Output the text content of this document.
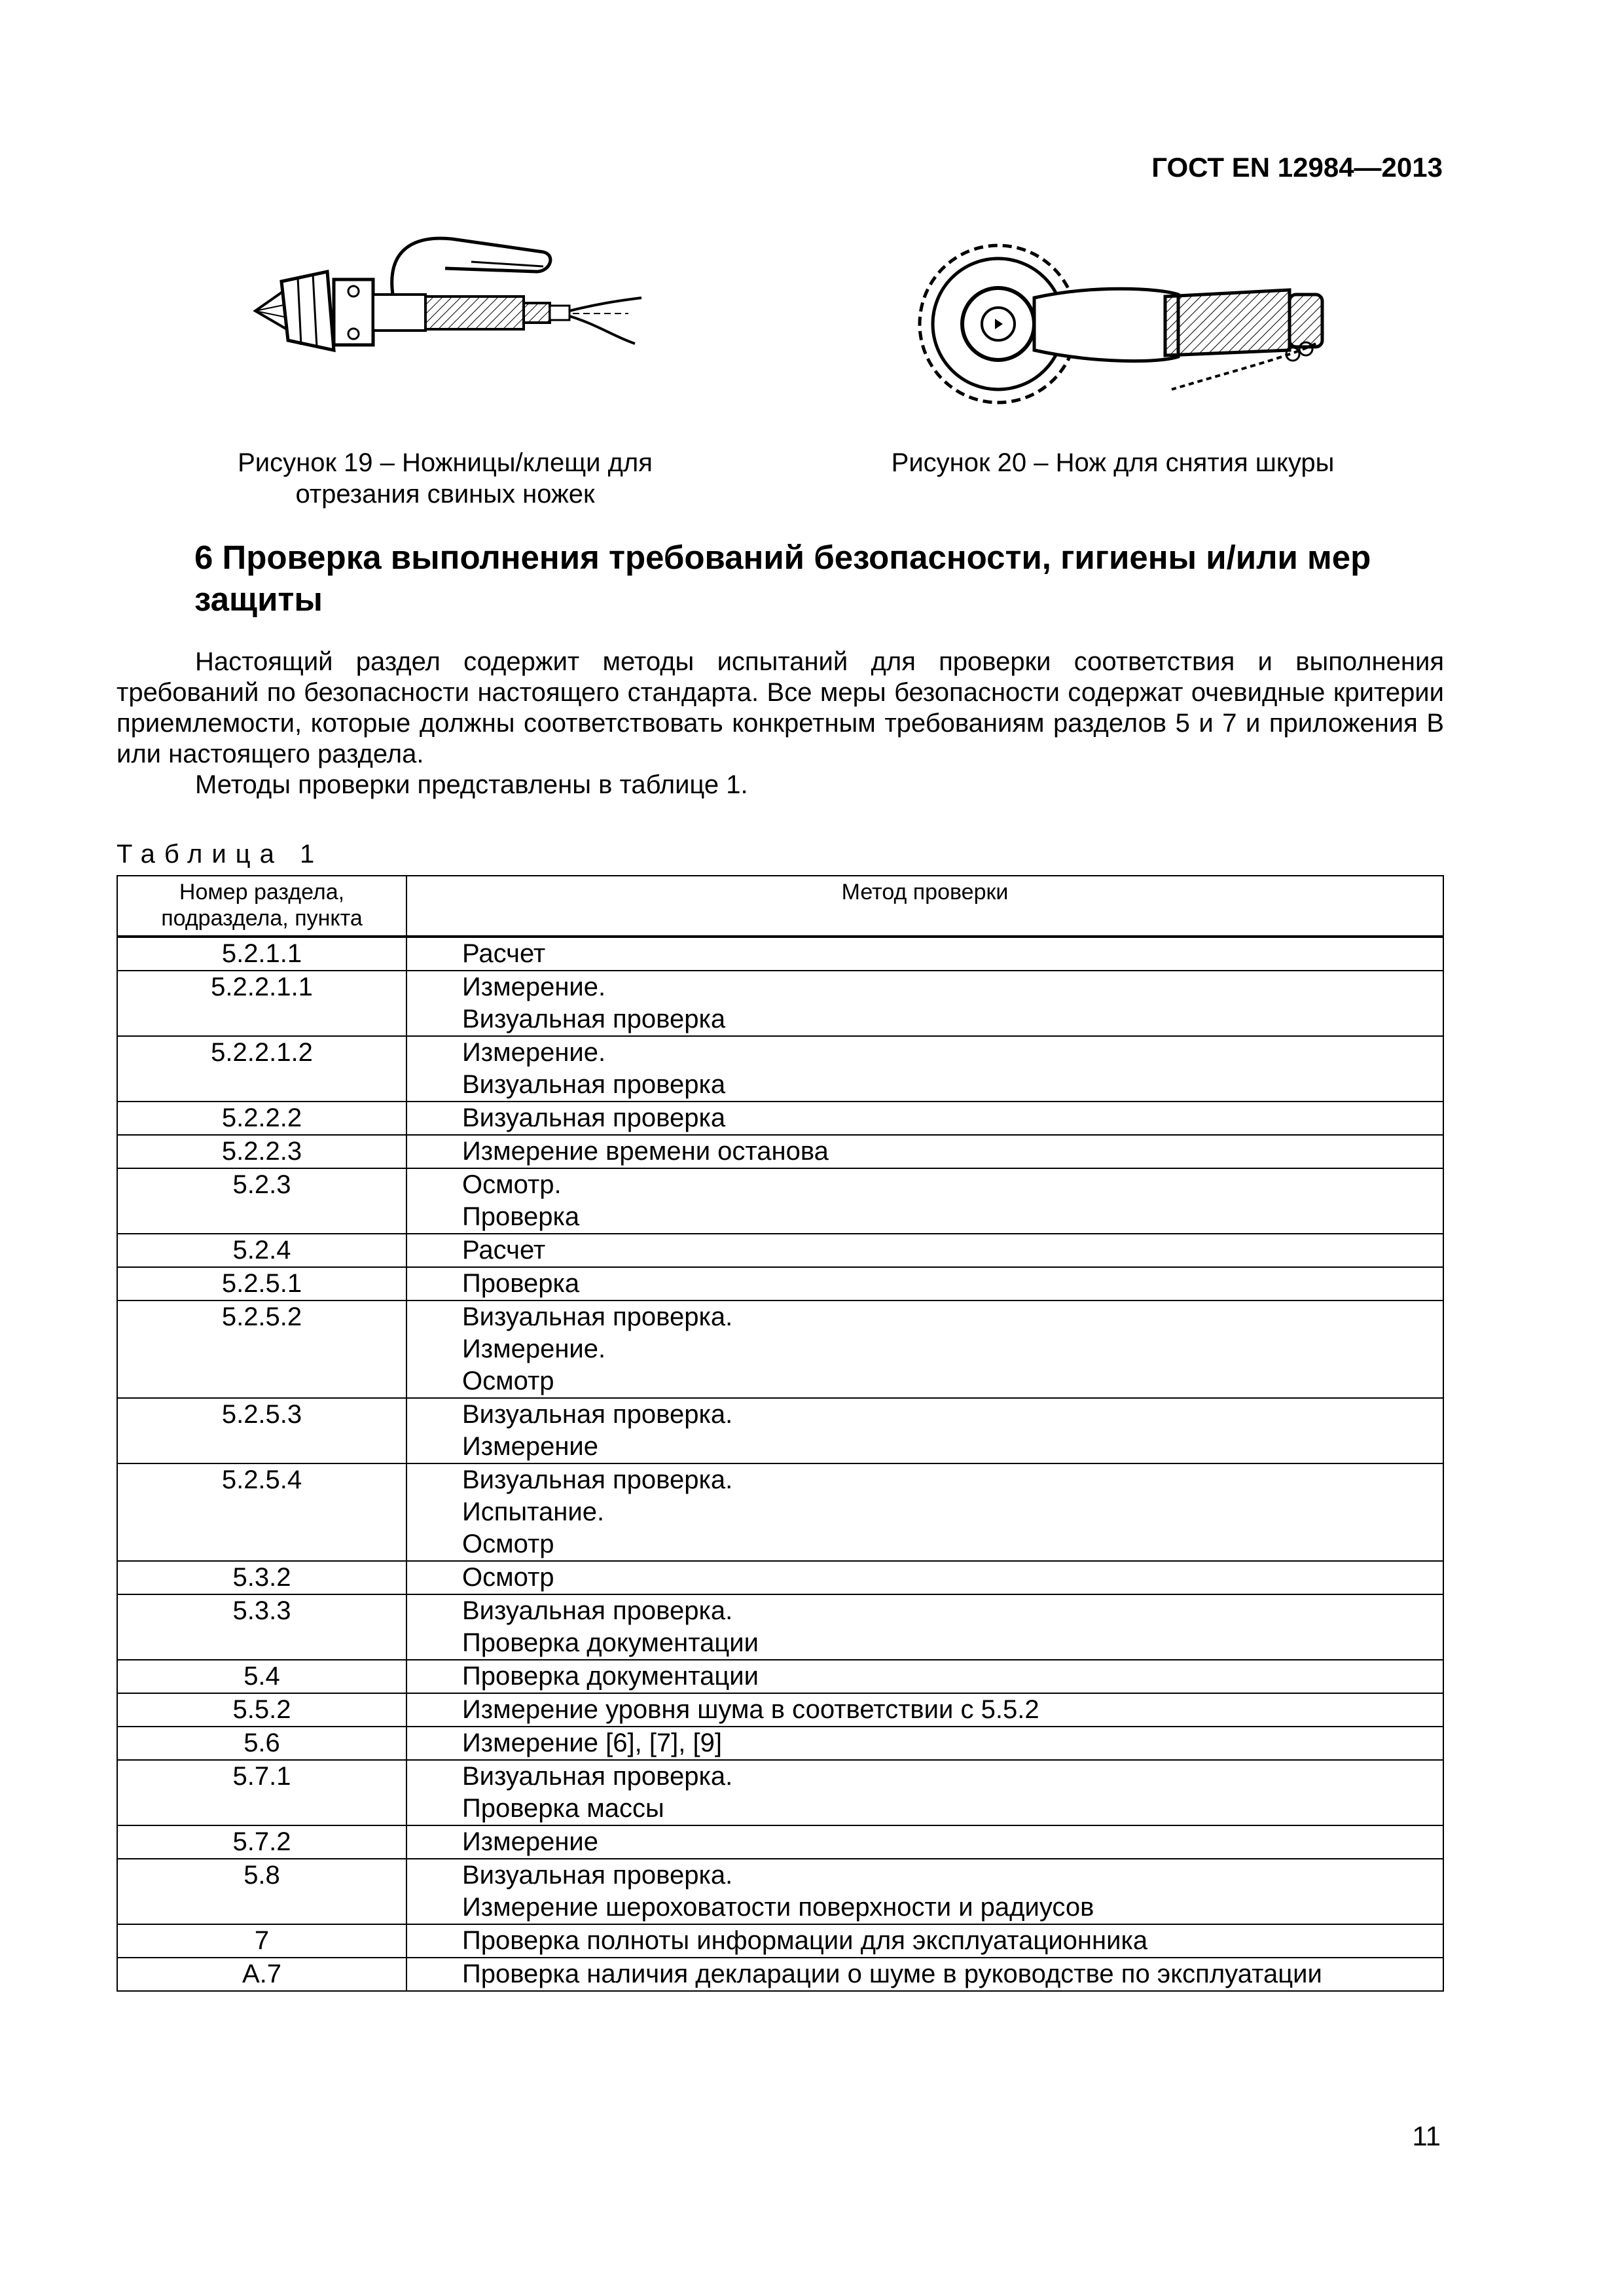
ГОСТ EN 12984—2013
Рисунок 19 – Ножницы/клещи для
отрезания свиных ножек
Рисунок 20 – Нож для снятия шкуры
6 Проверка выполнения требований безопасности, гигиены и/или мер защиты

Настоящий раздел содержит методы испытаний для проверки соответствия и выполнения требований по безопасности настоящего стандарта. Все меры безопасности содержат очевидные критерии приемлемости, которые должны соответствовать конкретным требованиям разделов 5 и 7 и приложения В или настоящего раздела.

Методы проверки представлены в таблице 1.

Таблица 1
Номер раздела, подраздела, пункта	Метод проверки
5.2.1.1	Расчет

5.2.2.1.1	Измерение.
Визуальная проверка

5.2.2.1.2	Измерение.
Визуальная проверка

5.2.2.2	Визуальная проверка

5.2.2.3	Измерение времени останова

5.2.3	Осмотр.
Проверка

5.2.4	Расчет

5.2.5.1	Проверка

5.2.5.2	Визуальная проверка.
Измерение.
Осмотр

5.2.5.3	Визуальная проверка.
Измерение

5.2.5.4	Визуальная проверка.
Испытание.
Осмотр

5.3.2	Осмотр

5.3.3	Визуальная проверка.
Проверка документации

5.4	Проверка документации

5.5.2	Измерение уровня шума в соответствии с 5.5.2

5.6	Измерение [6], [7], [9]

5.7.1	Визуальная проверка.
Проверка массы

5.7.2	Измерение

5.8	Визуальная проверка.
Измерение шероховатости поверхности и радиусов

7	Проверка полноты информации для эксплуатационника

А.7	Проверка наличия декларации о шуме в руководстве по эксплуатации
11
